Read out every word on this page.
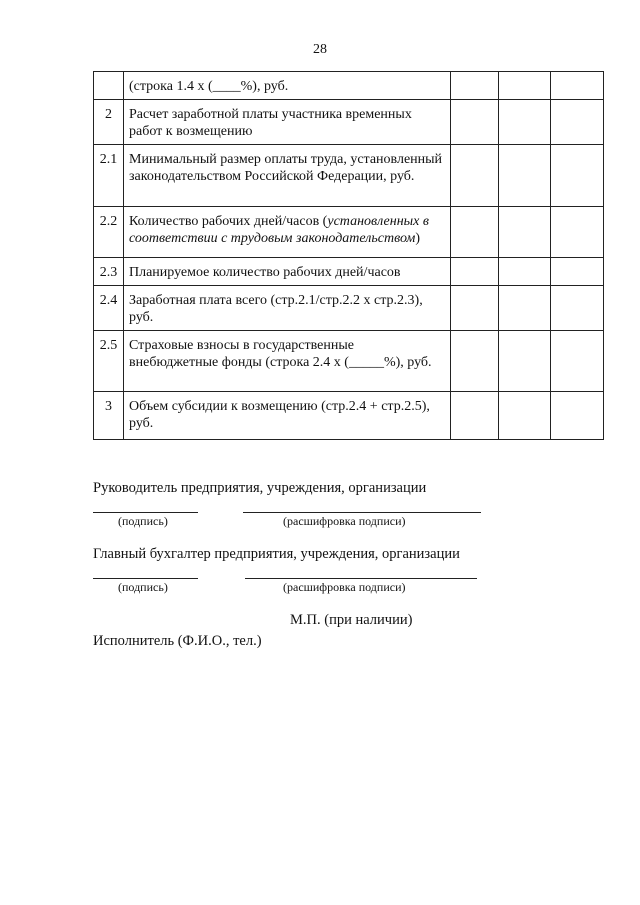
28
	(строка 1.4 х (____%), руб.			
2	Расчет заработной платы участника временных работ к возмещению			
2.1	Минимальный размер оплаты труда, установленный законодательством Российской Федерации, руб.			
2.2	Количество рабочих дней/часов (установленных в соответствии с трудовым законодательством)			
2.3	Планируемое количество рабочих дней/часов			
2.4	Заработная плата всего (стр.2.1/стр.2.2 х стр.2.3), руб.			
2.5	Страховые взносы в государственные внебюджетные фонды (строка 2.4 х (_____%), руб.			
3	Объем субсидии к возмещению (стр.2.4 + стр.2.5), руб.			
Руководитель предприятия, учреждения, организации
(подпись)	(расшифровка подписи)
Главный бухгалтер предприятия, учреждения, организации
(подпись)	(расшифровка подписи)
М.П. (при наличии)
Исполнитель (Ф.И.О., тел.)
